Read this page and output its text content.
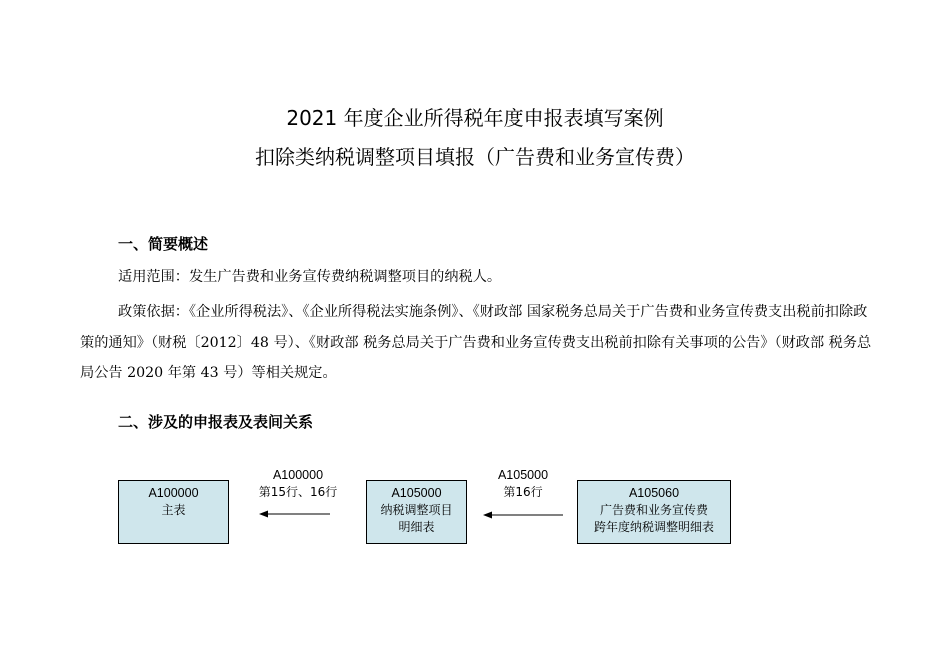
2021 年度企业所得税年度申报表填写案例
扣除类纳税调整项目填报（广告费和业务宣传费）
一、简要概述
适用范围：发生广告费和业务宣传费纳税调整项目的纳税人。
政策依据：《企业所得税法》、《企业所得税法实施条例》、《财政部 国家税务总局关于广告费和业务宣传费支出税前扣除政策的通知》（财税〔2012〕48 号）、《财政部 税务总局关于广告费和业务宣传费支出税前扣除有关事项的公告》（财政部 税务总局公告 2020 年第 43 号）等相关规定。
二、涉及的申报表及表间关系
A100000
主表
A105000
纳税调整项目
明细表
A105060
广告费和业务宣传费
跨年度纳税调整明细表
A100000
第15行、16行
A105000
第16行
